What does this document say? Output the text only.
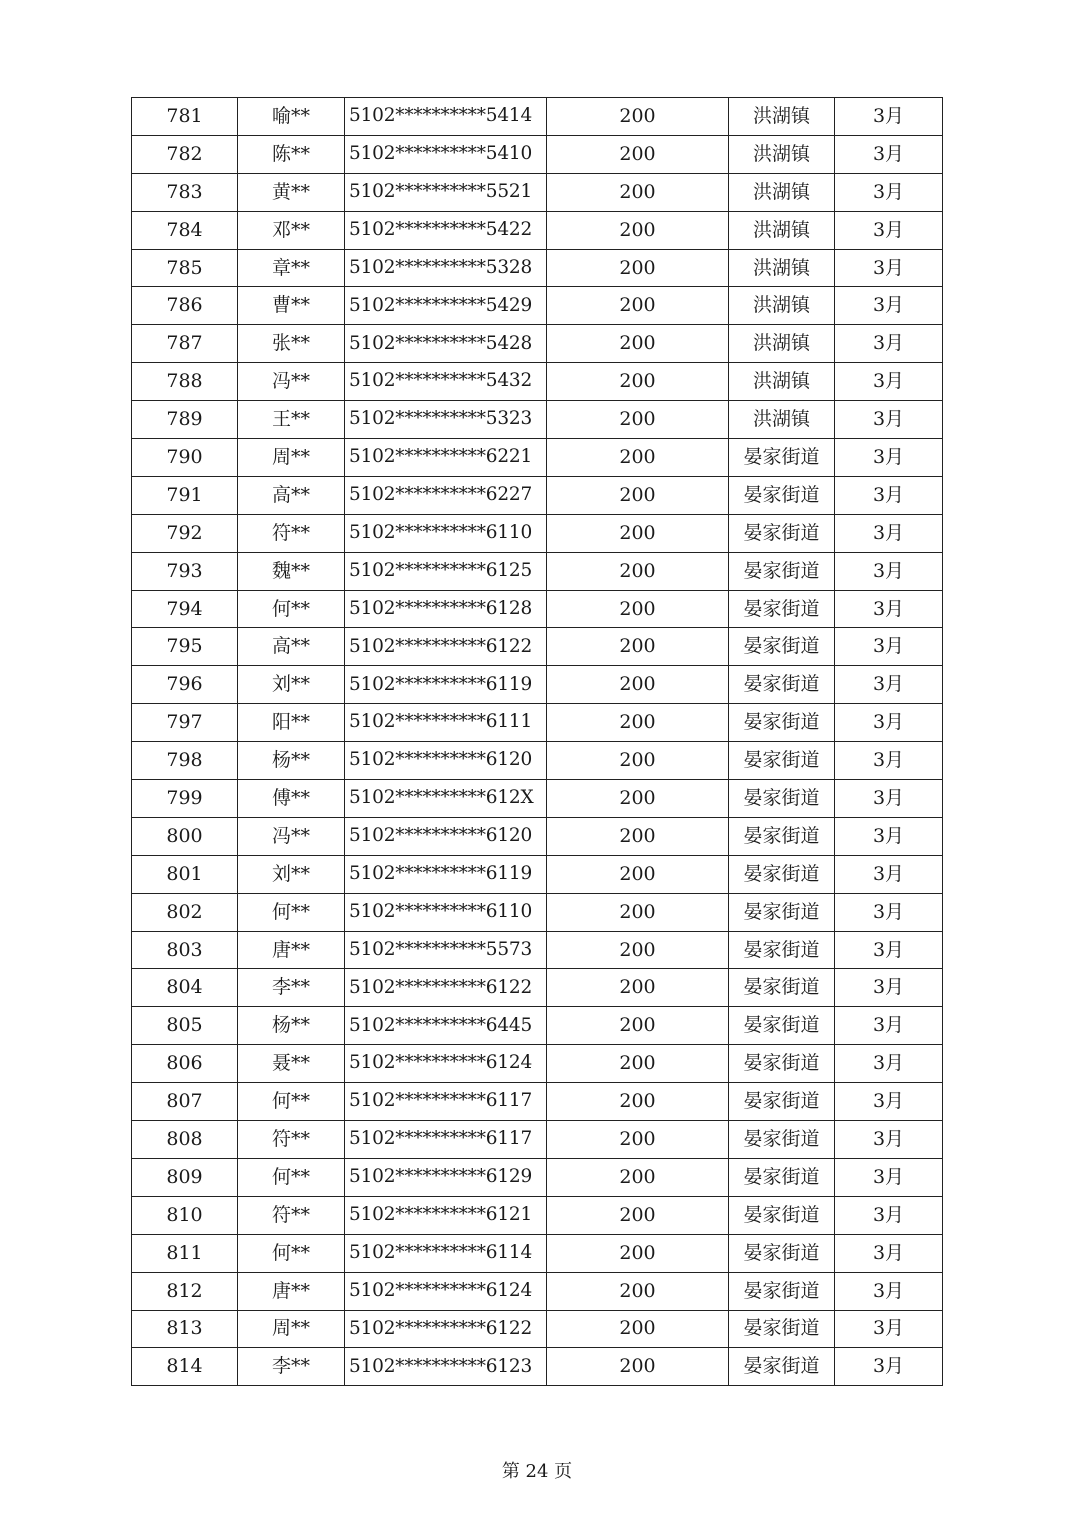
781	喻**	5102**********5414	200	洪湖镇	3月
782	陈**	5102**********5410	200	洪湖镇	3月
783	黄**	5102**********5521	200	洪湖镇	3月
784	邓**	5102**********5422	200	洪湖镇	3月
785	章**	5102**********5328	200	洪湖镇	3月
786	曹**	5102**********5429	200	洪湖镇	3月
787	张**	5102**********5428	200	洪湖镇	3月
788	冯**	5102**********5432	200	洪湖镇	3月
789	王**	5102**********5323	200	洪湖镇	3月
790	周**	5102**********6221	200	晏家街道	3月
791	高**	5102**********6227	200	晏家街道	3月
792	符**	5102**********6110	200	晏家街道	3月
793	魏**	5102**********6125	200	晏家街道	3月
794	何**	5102**********6128	200	晏家街道	3月
795	高**	5102**********6122	200	晏家街道	3月
796	刘**	5102**********6119	200	晏家街道	3月
797	阳**	5102**********6111	200	晏家街道	3月
798	杨**	5102**********6120	200	晏家街道	3月
799	傅**	5102**********612X	200	晏家街道	3月
800	冯**	5102**********6120	200	晏家街道	3月
801	刘**	5102**********6119	200	晏家街道	3月
802	何**	5102**********6110	200	晏家街道	3月
803	唐**	5102**********5573	200	晏家街道	3月
804	李**	5102**********6122	200	晏家街道	3月
805	杨**	5102**********6445	200	晏家街道	3月
806	聂**	5102**********6124	200	晏家街道	3月
807	何**	5102**********6117	200	晏家街道	3月
808	符**	5102**********6117	200	晏家街道	3月
809	何**	5102**********6129	200	晏家街道	3月
810	符**	5102**********6121	200	晏家街道	3月
811	何**	5102**********6114	200	晏家街道	3月
812	唐**	5102**********6124	200	晏家街道	3月
813	周**	5102**********6122	200	晏家街道	3月
814	李**	5102**********6123	200	晏家街道	3月
第 24 页
